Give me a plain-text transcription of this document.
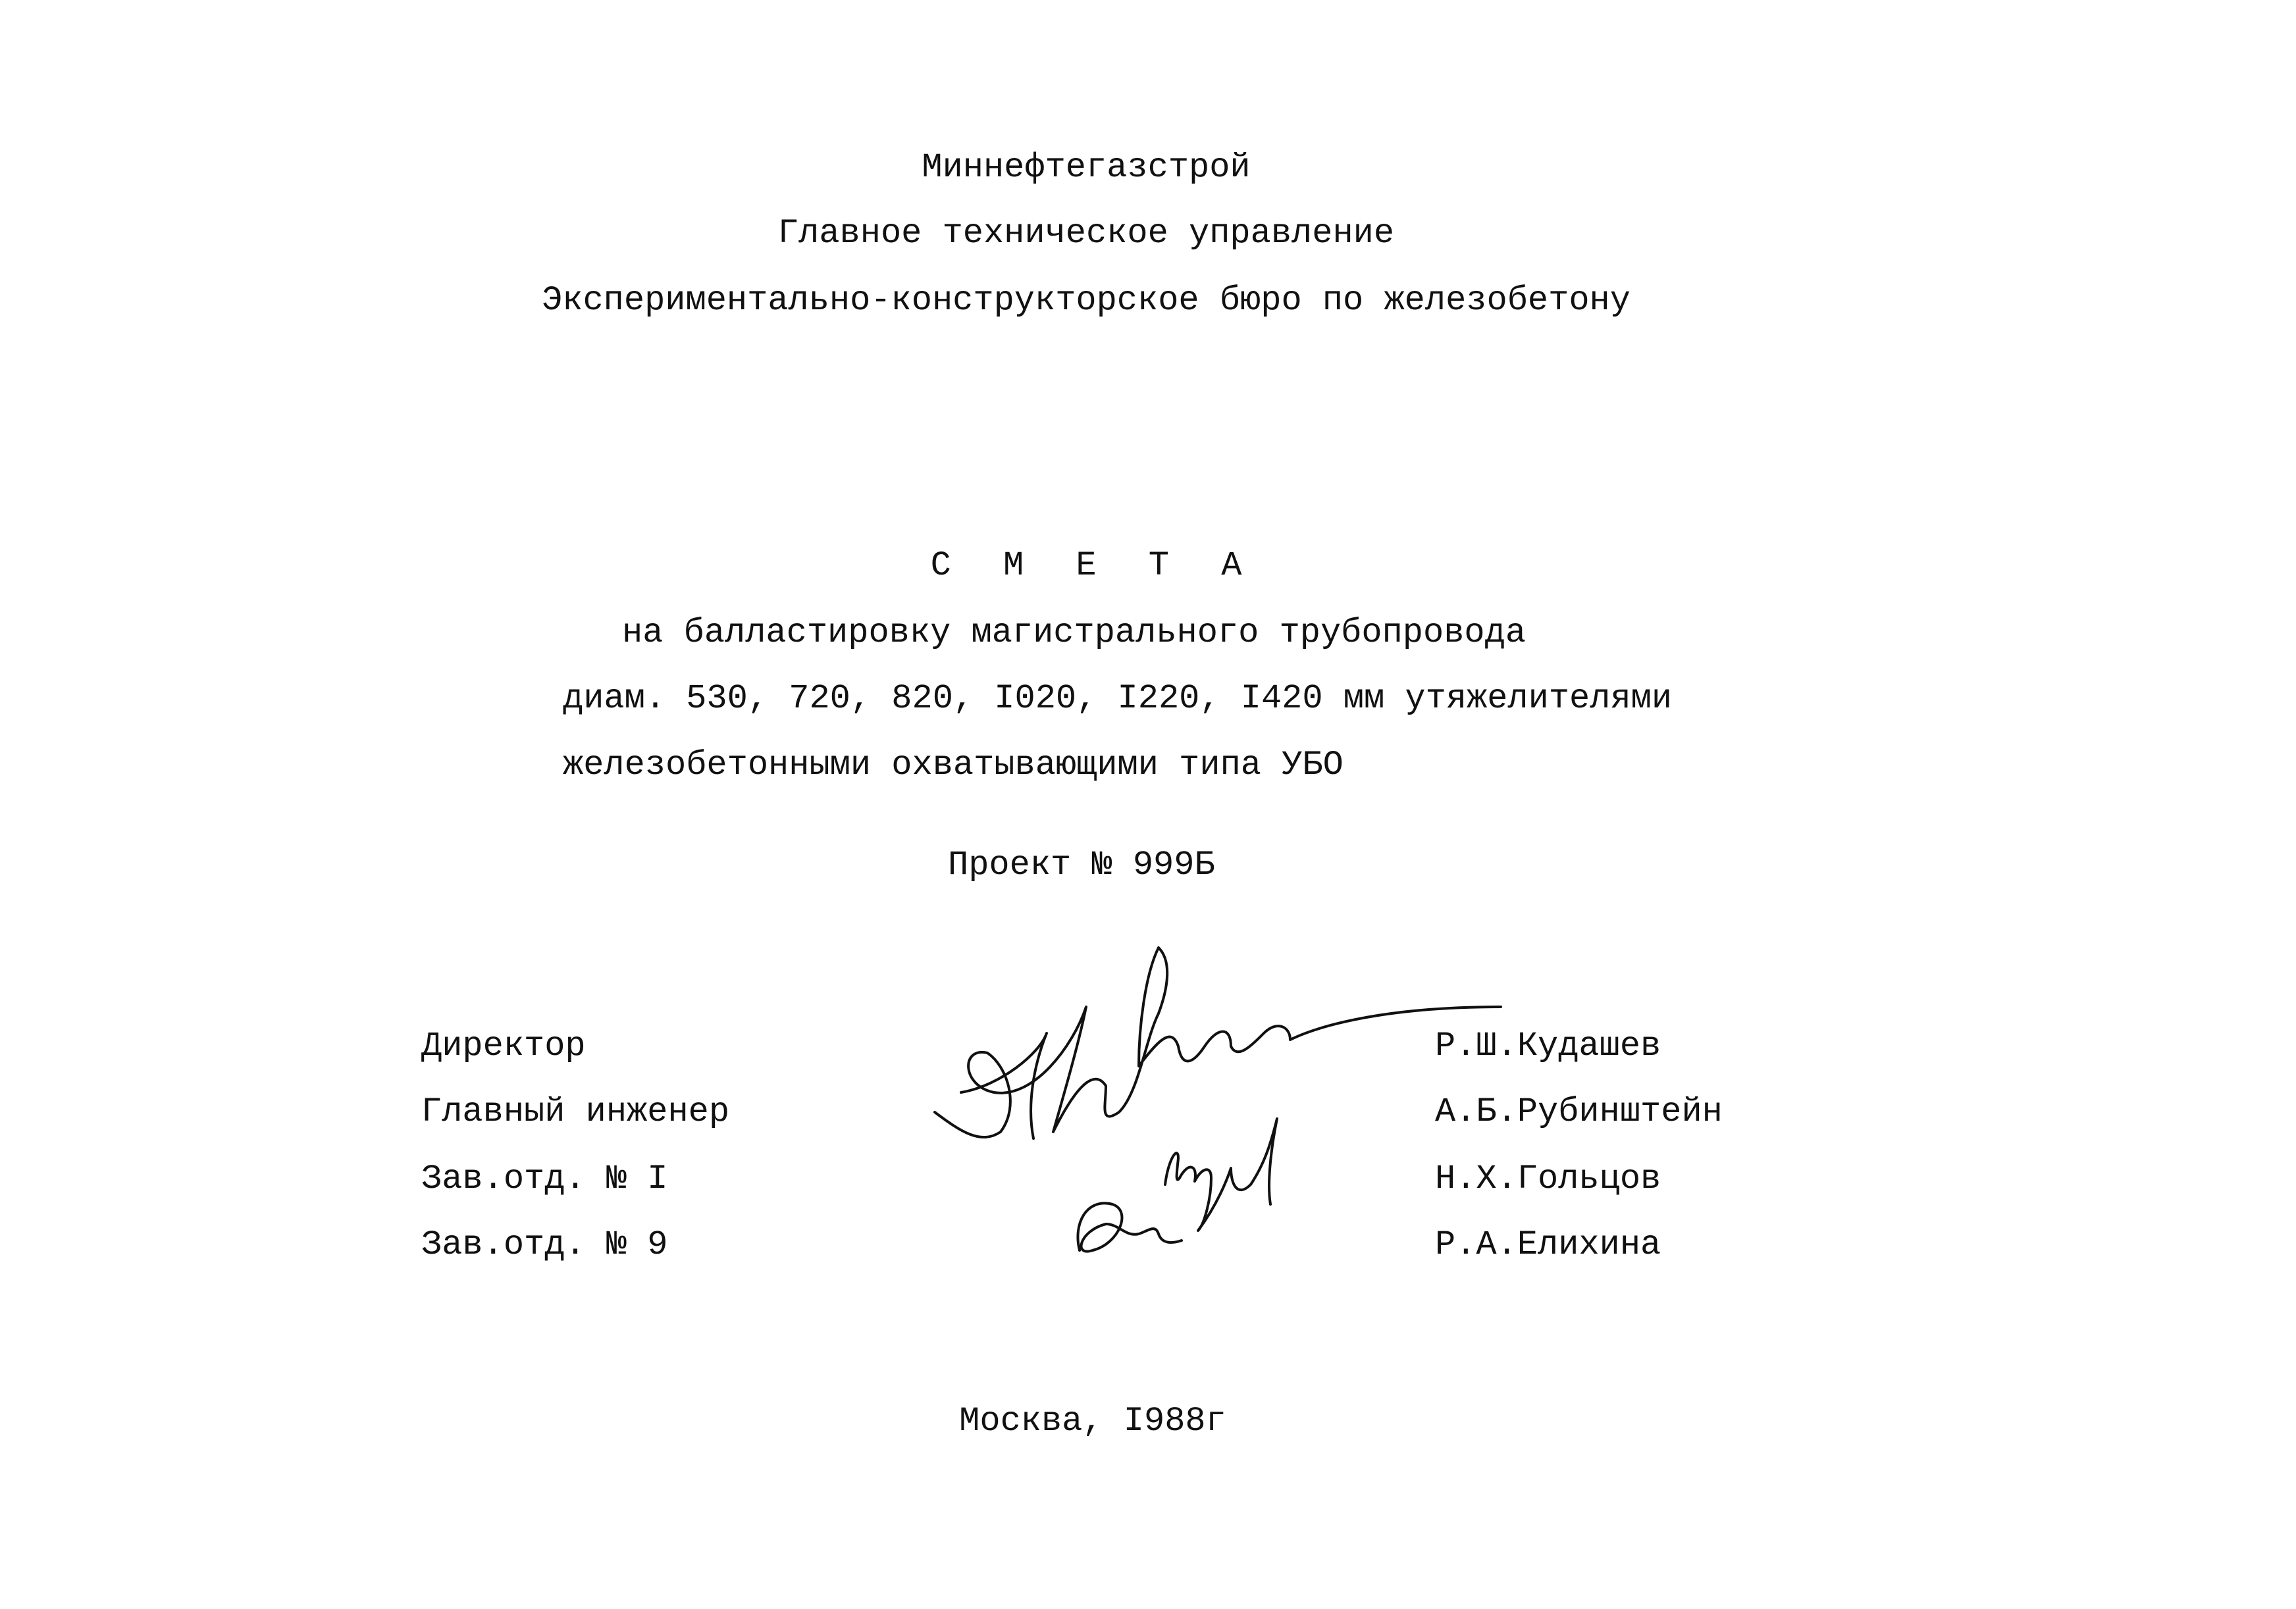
Миннефтегазстрой
Главное техническое управление
Экспериментально-конструкторское бюро по железобетону
С М Е Т А
на балластировку магистрального трубопровода
диам. 530, 720, 820, I020, I220, I420 мм утяжелителями
железобетонными охватывающими типа УБО
Проект № 999Б
Директор
Главный инженер
Зав.отд. № I
Зав.отд. № 9
Р.Ш.Кудашев
А.Б.Рубинштейн
Н.Х.Гольцов
Р.А.Елихина
Москва, I988г
